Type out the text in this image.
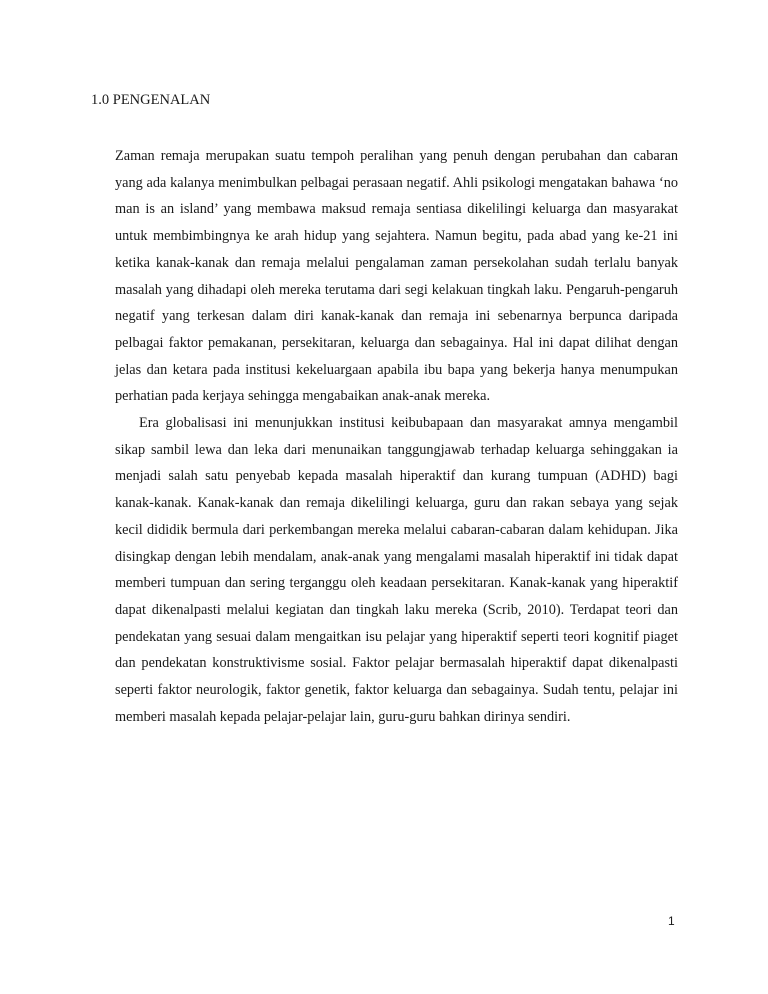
1.0 PENGENALAN

Zaman remaja merupakan suatu tempoh peralihan yang penuh dengan perubahan dan cabaran yang ada kalanya menimbulkan pelbagai perasaan negatif. Ahli psikologi mengatakan bahawa ‘no man is an island’ yang membawa maksud remaja sentiasa dikelilingi keluarga dan masyarakat untuk membimbingnya ke arah hidup yang sejahtera. Namun begitu, pada abad yang ke-21 ini ketika kanak-kanak dan remaja melalui pengalaman zaman persekolahan sudah terlalu banyak masalah yang dihadapi oleh mereka terutama dari segi kelakuan tingkah laku. Pengaruh-pengaruh negatif yang terkesan dalam diri kanak-kanak dan remaja ini sebenarnya berpunca daripada pelbagai faktor pemakanan, persekitaran, keluarga dan sebagainya. Hal ini dapat dilihat dengan jelas dan ketara pada institusi kekeluargaan apabila ibu bapa yang bekerja hanya menumpukan perhatian pada kerjaya sehingga mengabaikan anak-anak mereka.

Era globalisasi ini menunjukkan institusi keibubapaan dan masyarakat amnya mengambil sikap sambil lewa dan leka dari menunaikan tanggungjawab terhadap keluarga sehinggakan ia menjadi salah satu penyebab kepada masalah hiperaktif dan kurang tumpuan (ADHD) bagi kanak-kanak. Kanak-kanak dan remaja dikelilingi keluarga, guru dan rakan sebaya yang sejak kecil dididik bermula dari perkembangan mereka melalui cabaran-cabaran dalam kehidupan. Jika disingkap dengan lebih mendalam, anak-anak yang mengalami masalah hiperaktif ini tidak dapat memberi tumpuan dan sering terganggu oleh keadaan persekitaran. Kanak-kanak yang hiperaktif dapat dikenalpasti melalui kegiatan dan tingkah laku mereka (Scrib, 2010). Terdapat teori dan pendekatan yang sesuai dalam mengaitkan isu pelajar yang hiperaktif seperti teori kognitif piaget dan pendekatan konstruktivisme sosial. Faktor pelajar bermasalah hiperaktif dapat dikenalpasti seperti faktor neurologik, faktor genetik, faktor keluarga dan sebagainya. Sudah tentu, pelajar ini memberi masalah kepada pelajar-pelajar lain, guru-guru bahkan dirinya sendiri.

1
